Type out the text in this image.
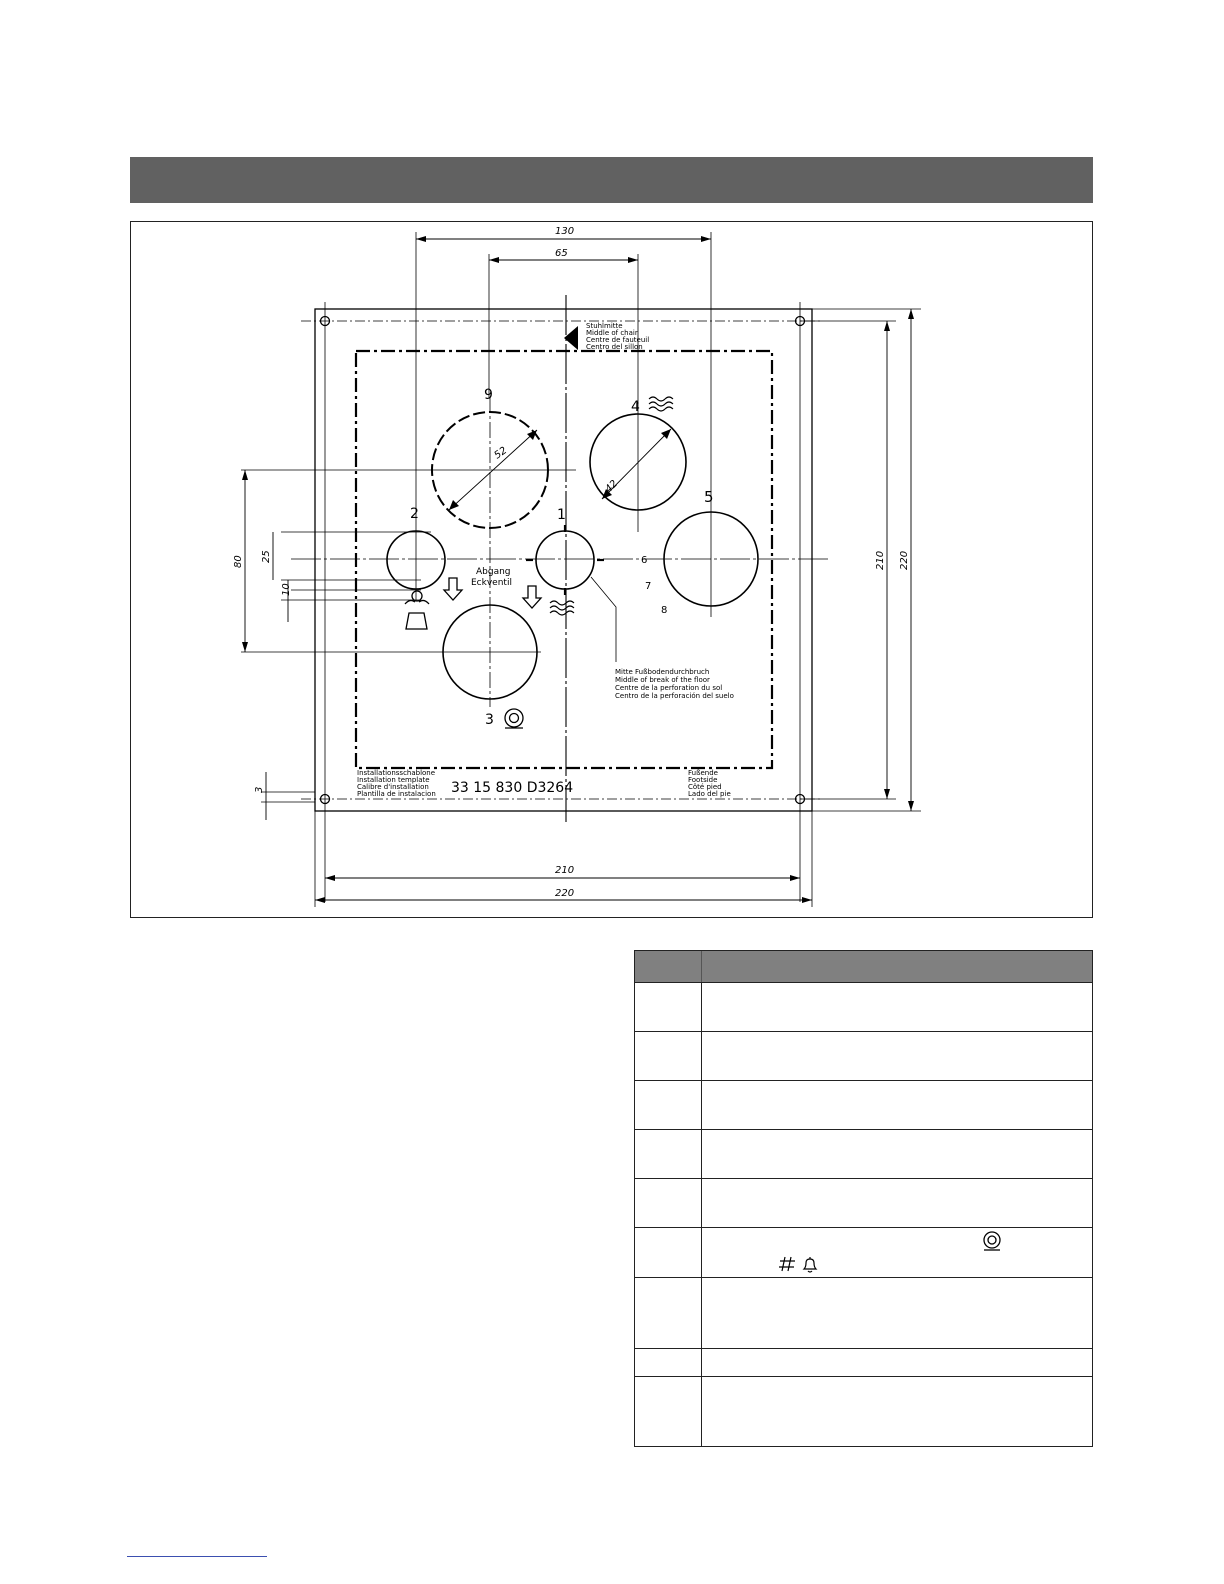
130
65
210
220
210 220
80 25
10
3
52
42
1
2
3
4
5
9
6
7
8
Stuhlmitte
Middle of chair
Centre de fauteuil
Centro del sillon
Abgang
Eckventil
Mitte Fußbodendurchbruch
Middle of break of the floor
Centre de la perforation du sol
Centro de la perforación del suelo
Installationsschablone
Installation template
Calibre d'installation
Plantilla de instalacion 33 15 830 D3264
Fußende
Footside
Côté pied
Lado del pie
